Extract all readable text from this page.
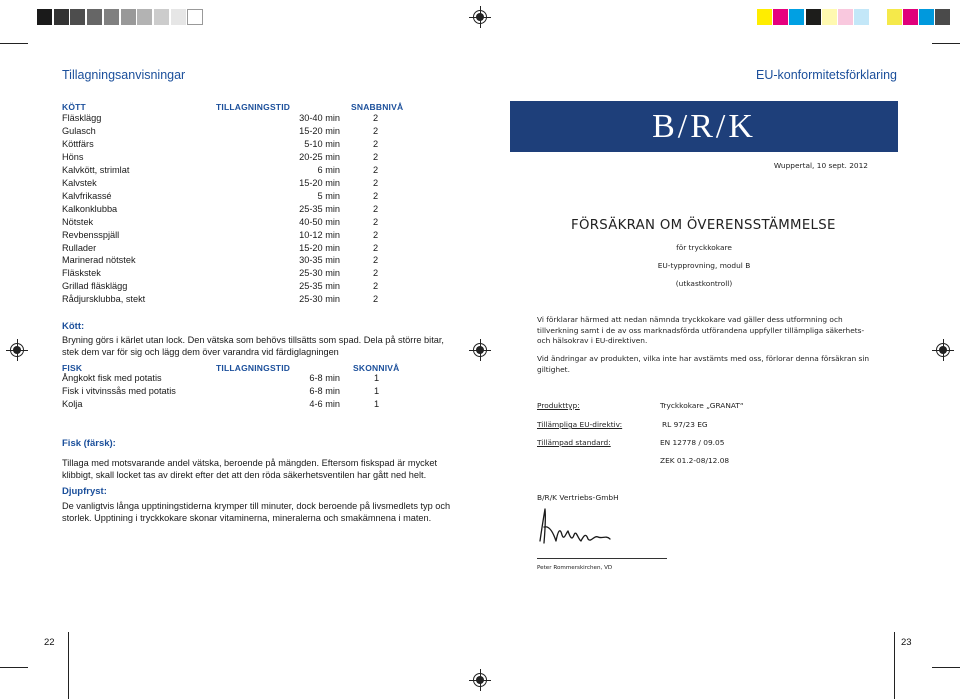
Tillagningsanvisningar
KÖTT	TILLAGNINGSTID	SNABBNIVÅ
Fläsklägg	30-40 min	2
Gulasch	15-20 min	2
Köttfärs	5-10 min	2
Höns	20-25 min	2
Kalvkött, strimlat	6 min	2
Kalvstek	15-20 min	2
Kalvfrikassé	5 min	2
Kalkonklubba	25-35 min	2
Nötstek	40-50 min	2
Revbensspjäll	10-12 min	2
Rullader	15-20 min	2
Marinerad nötstek	30-35 min	2
Fläskstek	25-30 min	2
Grillad fläsklägg	25-35 min	2
Rådjursklubba, stekt	25-30 min	2
Kött:
Bryning görs i kärlet utan lock. Den vätska som behövs tillsätts som spad. Dela på större bitar, stek dem var för sig och lägg dem över varandra vid färdiglagningen
FISK	TILLAGNINGSTID	SKONNIVÅ
Ångkokt fisk med potatis	6-8 min	1
Fisk i vitvinssås med potatis	6-8 min	1
Kolja	4-6 min	1
Fisk (färsk):
Tillaga med motsvarande andel vätska, beroende på mängden. Eftersom fiskspad är mycket klibbigt, skall locket tas av direkt efter det att den röda säkerhetsventilen har gått ned helt.
Djupfryst:
De vanligtvis långa upptiningstiderna krymper till minuter, dock beroende på livsmedlets typ och storlek. Upptining i tryckkokare skonar vitaminerna, mineralerna och smakämnena i maten.
22
EU-konformitetsförklaring
B/R/K
Wuppertal, 10 sept. 2012
FÖRSÄKRAN OM ÖVERENSSTÄMMELSE
för tryckkokare
EU-typprovning, modul B
(utkastkontroll)
Vi förklarar härmed att nedan nämnda tryckkokare vad gäller dess utformning och tillverkning samt i de av oss marknadsförda utförandena uppfyller tillämpliga säkerhets- och hälsokrav i EU-direktiven.
Vid ändringar av produkten, vilka inte har avstämts med oss, förlorar denna försäkran sin giltighet.
Produkttyp:	Tryckkokare „GRANAT“
Tillämpliga EU-direktiv:	RL 97/23 EG
Tillämpad standard:	EN 12778 / 09.05
ZEK 01.2-08/12.08
B/R/K Vertriebs-GmbH
Peter Rommerskirchen, VD
23
